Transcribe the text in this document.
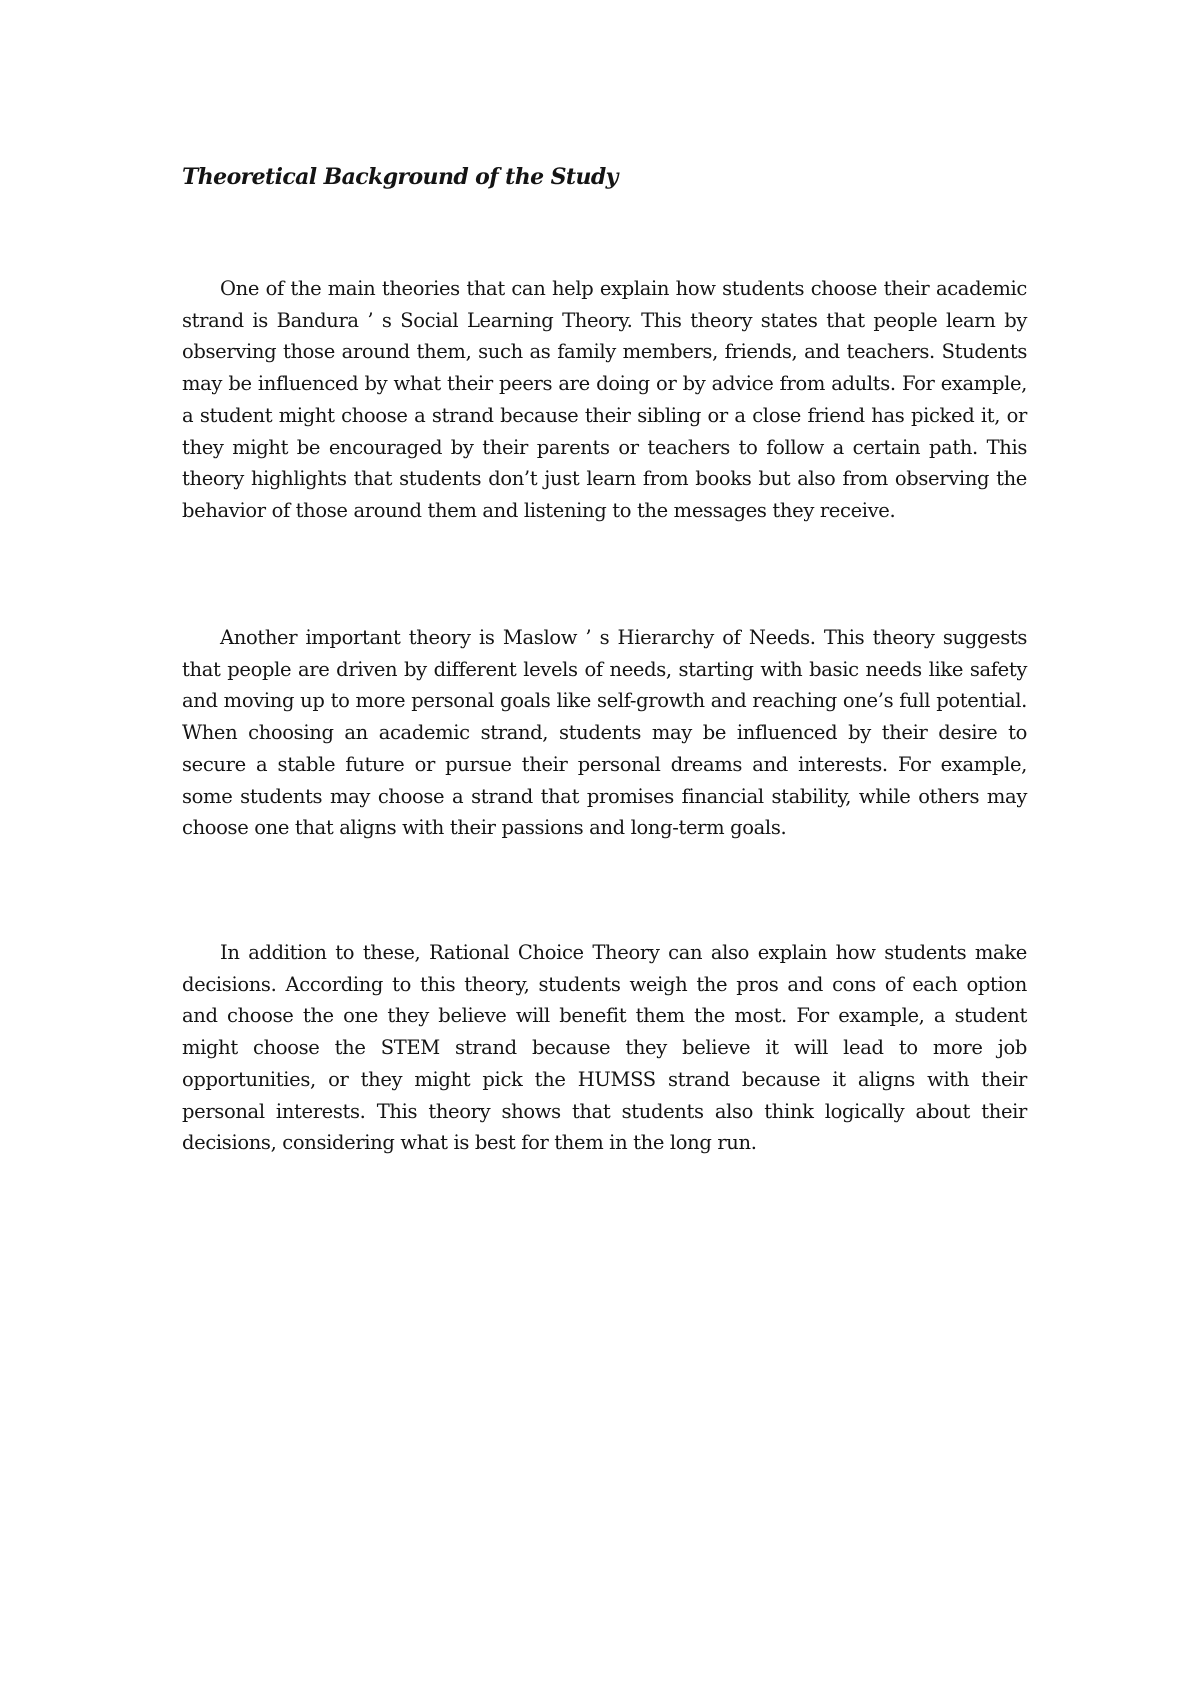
Theoretical Background of the Study

One of the main theories that can help explain how students choose their academic strand is Bandura ’ s Social Learning Theory. This theory states that people learn by observing those around them, such as family members, friends, and teachers. Students may be influenced by what their peers are doing or by advice from adults. For example, a student might choose a strand because their sibling or a close friend has picked it, or they might be encouraged by their parents or teachers to follow a certain path. This theory highlights that students don’t just learn from books but also from observing the behavior of those around them and listening to the messages they receive.

Another important theory is Maslow ’ s Hierarchy of Needs. This theory suggests that people are driven by different levels of needs, starting with basic needs like safety and moving up to more personal goals like self-growth and reaching one’s full potential. When choosing an academic strand, students may be influenced by their desire to secure a stable future or pursue their personal dreams and interests. For example, some students may choose a strand that promises financial stability, while others may choose one that aligns with their passions and long-term goals.

In addition to these, Rational Choice Theory can also explain how students make decisions. According to this theory, students weigh the pros and cons of each option and choose the one they believe will benefit them the most. For example, a student might choose the STEM strand because they believe it will lead to more job opportunities, or they might pick the HUMSS strand because it aligns with their personal interests. This theory shows that students also think logically about their decisions, considering what is best for them in the long run.
